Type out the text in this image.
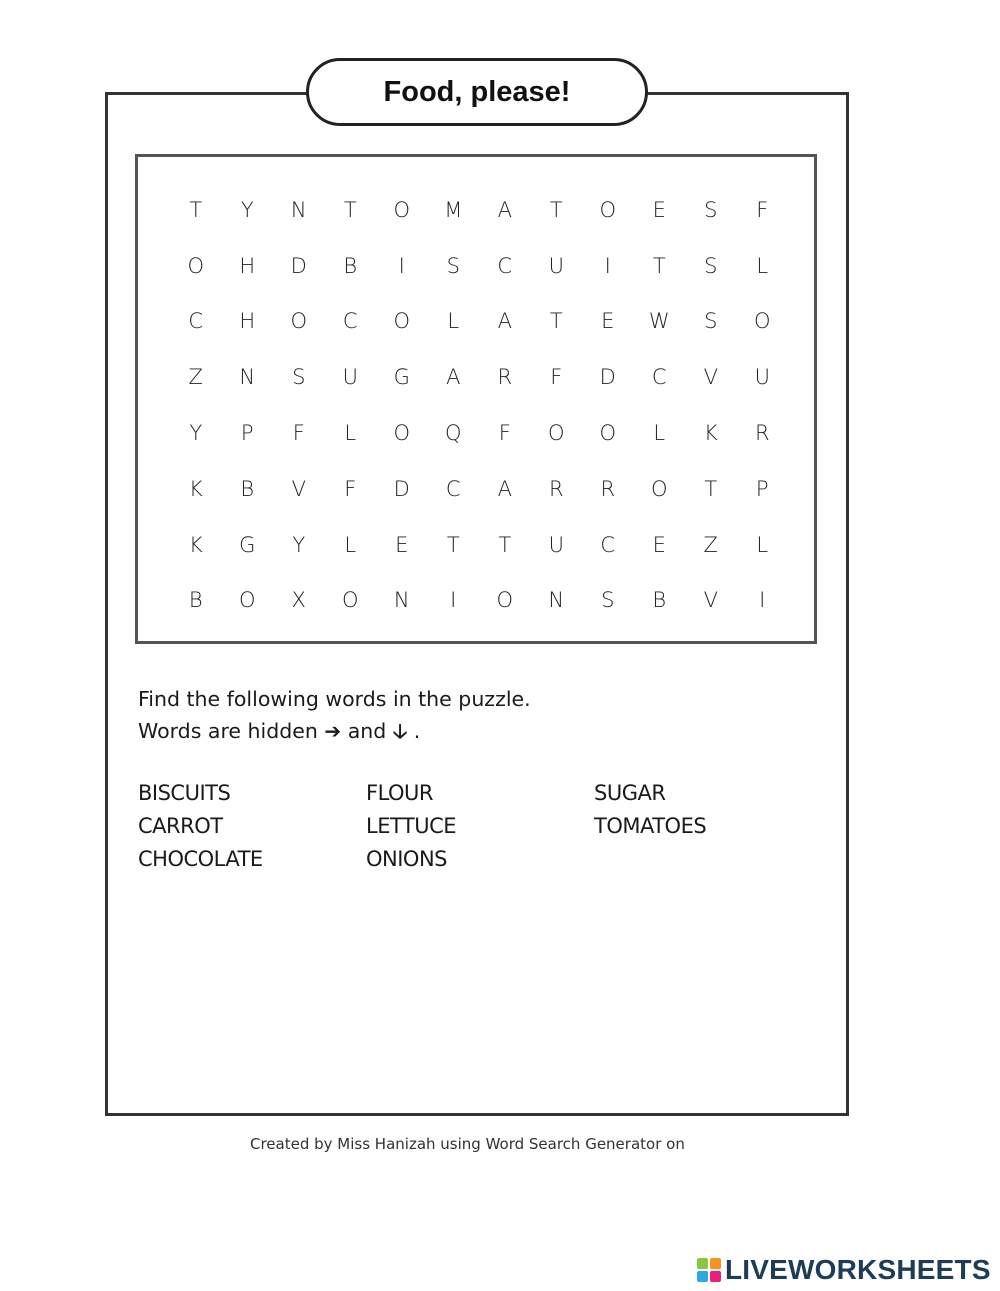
Food, please!
T	Y	N	T	O	M	A	T	O	E	S	F
O	H	D	B	I	S	C	U	I	T	S	L
C	H	O	C	O	L	A	T	E	W	S	O
Z	N	S	U	G	A	R	F	D	C	V	U
Y	P	F	L	O	Q	F	O	O	L	K	R
K	B	V	F	D	C	A	R	R	O	T	P
K	G	Y	L	E	T	T	U	C	E	Z	L
B	O	X	O	N	I	O	N	S	B	V	I
Find the following words in the puzzle.
Words are hidden ➔ and 🡣 .
BISCUITS	FLOUR	SUGAR
CARROT	LETTUCE	TOMATOES
CHOCOLATE	ONIONS
Created by Miss Hanizah using Word Search Generator on
LIVEWORKSHEETS
